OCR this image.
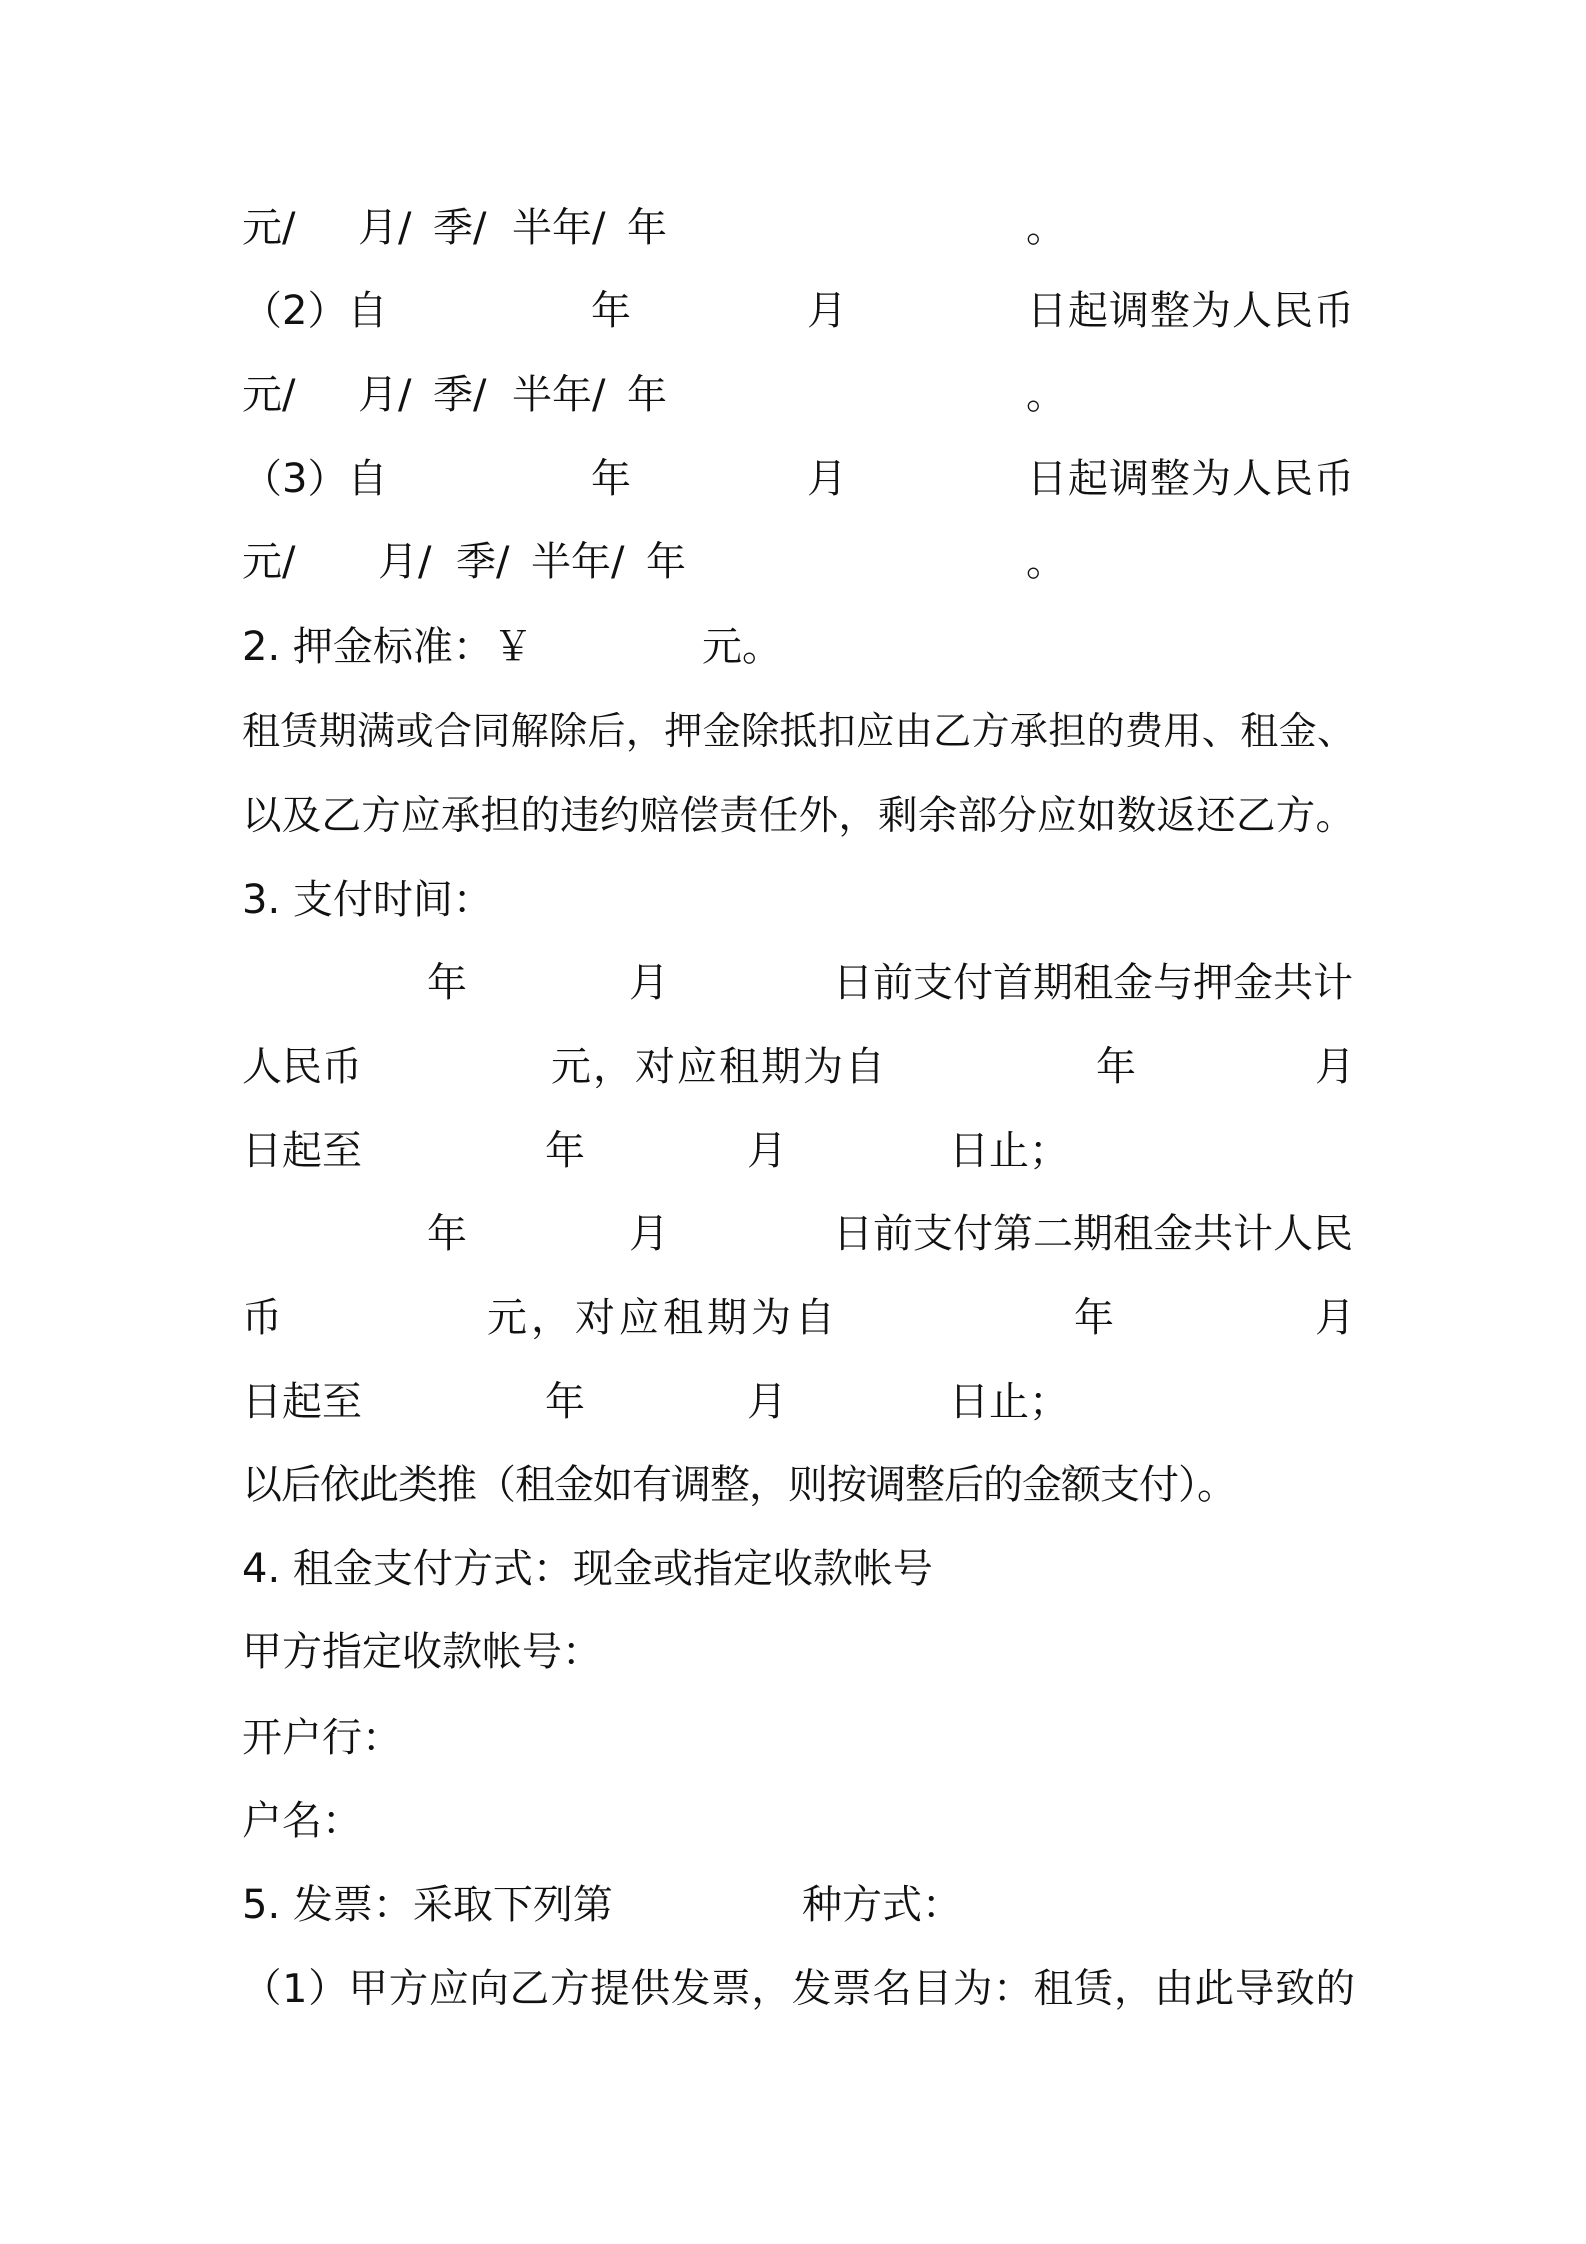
元/ 月/ 季/ 半年/ 年	。
（2）自	年	月	日起调整为人民币
元/ 月/ 季/ 半年/ 年	。
（3）自	年	月	日起调整为人民币
元/ 月/ 季/ 半年/ 年	。
2. 押金标准：￥	元。
租赁期满或合同解除后，押金除抵扣应由乙方承担的费用、租金、
以及乙方应承担的违约赔偿责任外，剩余部分应如数返还乙方。
3. 支付时间：
年	月	日前支付首期租金与押金共计
人民币	元，对应租期为自	年	月
日起至	年	月	日止；
年	月	日前支付第二期租金共计人民
币	元，对应租期为自	年	月
日起至	年	月	日止；
以后依此类推（租金如有调整，则按调整后的金额支付）。
4. 租金支付方式：现金或指定收款帐号
甲方指定收款帐号：
开户行：
户名：
5. 发票：采取下列第	种方式：
（1）甲方应向乙方提供发票，发票名目为：租赁，由此导致的
